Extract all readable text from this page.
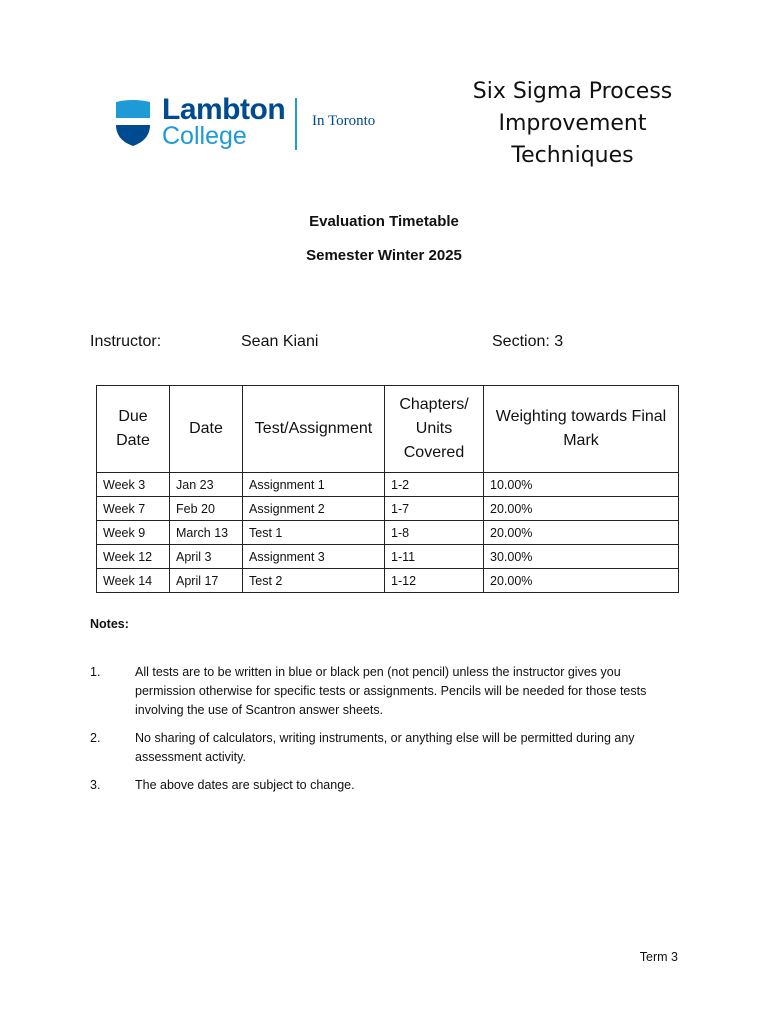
Lambton
College
In Toronto
Six Sigma Process Improvement Techniques
Evaluation Timetable
Semester Winter 2025
Instructor:	Sean Kiani	Section: 3
Due Date	Date	Test/Assignment	Chapters/ Units Covered	Weighting towards Final Mark
Week 3	Jan 23	Assignment 1	1-2	10.00%
Week 7	Feb 20	Assignment 2	1-7	20.00%
Week 9	March 13	Test 1	1-8	20.00%
Week 12	April 3	Assignment 3	1-11	30.00%
Week 14	April 17	Test 2	1-12	20.00%
Notes:
1.	All tests are to be written in blue or black pen (not pencil) unless the instructor gives you permission otherwise for specific tests or assignments. Pencils will be needed for those tests involving the use of Scantron answer sheets.
2.	No sharing of calculators, writing instruments, or anything else will be permitted during any assessment activity.
3.	The above dates are subject to change.
Term 3
